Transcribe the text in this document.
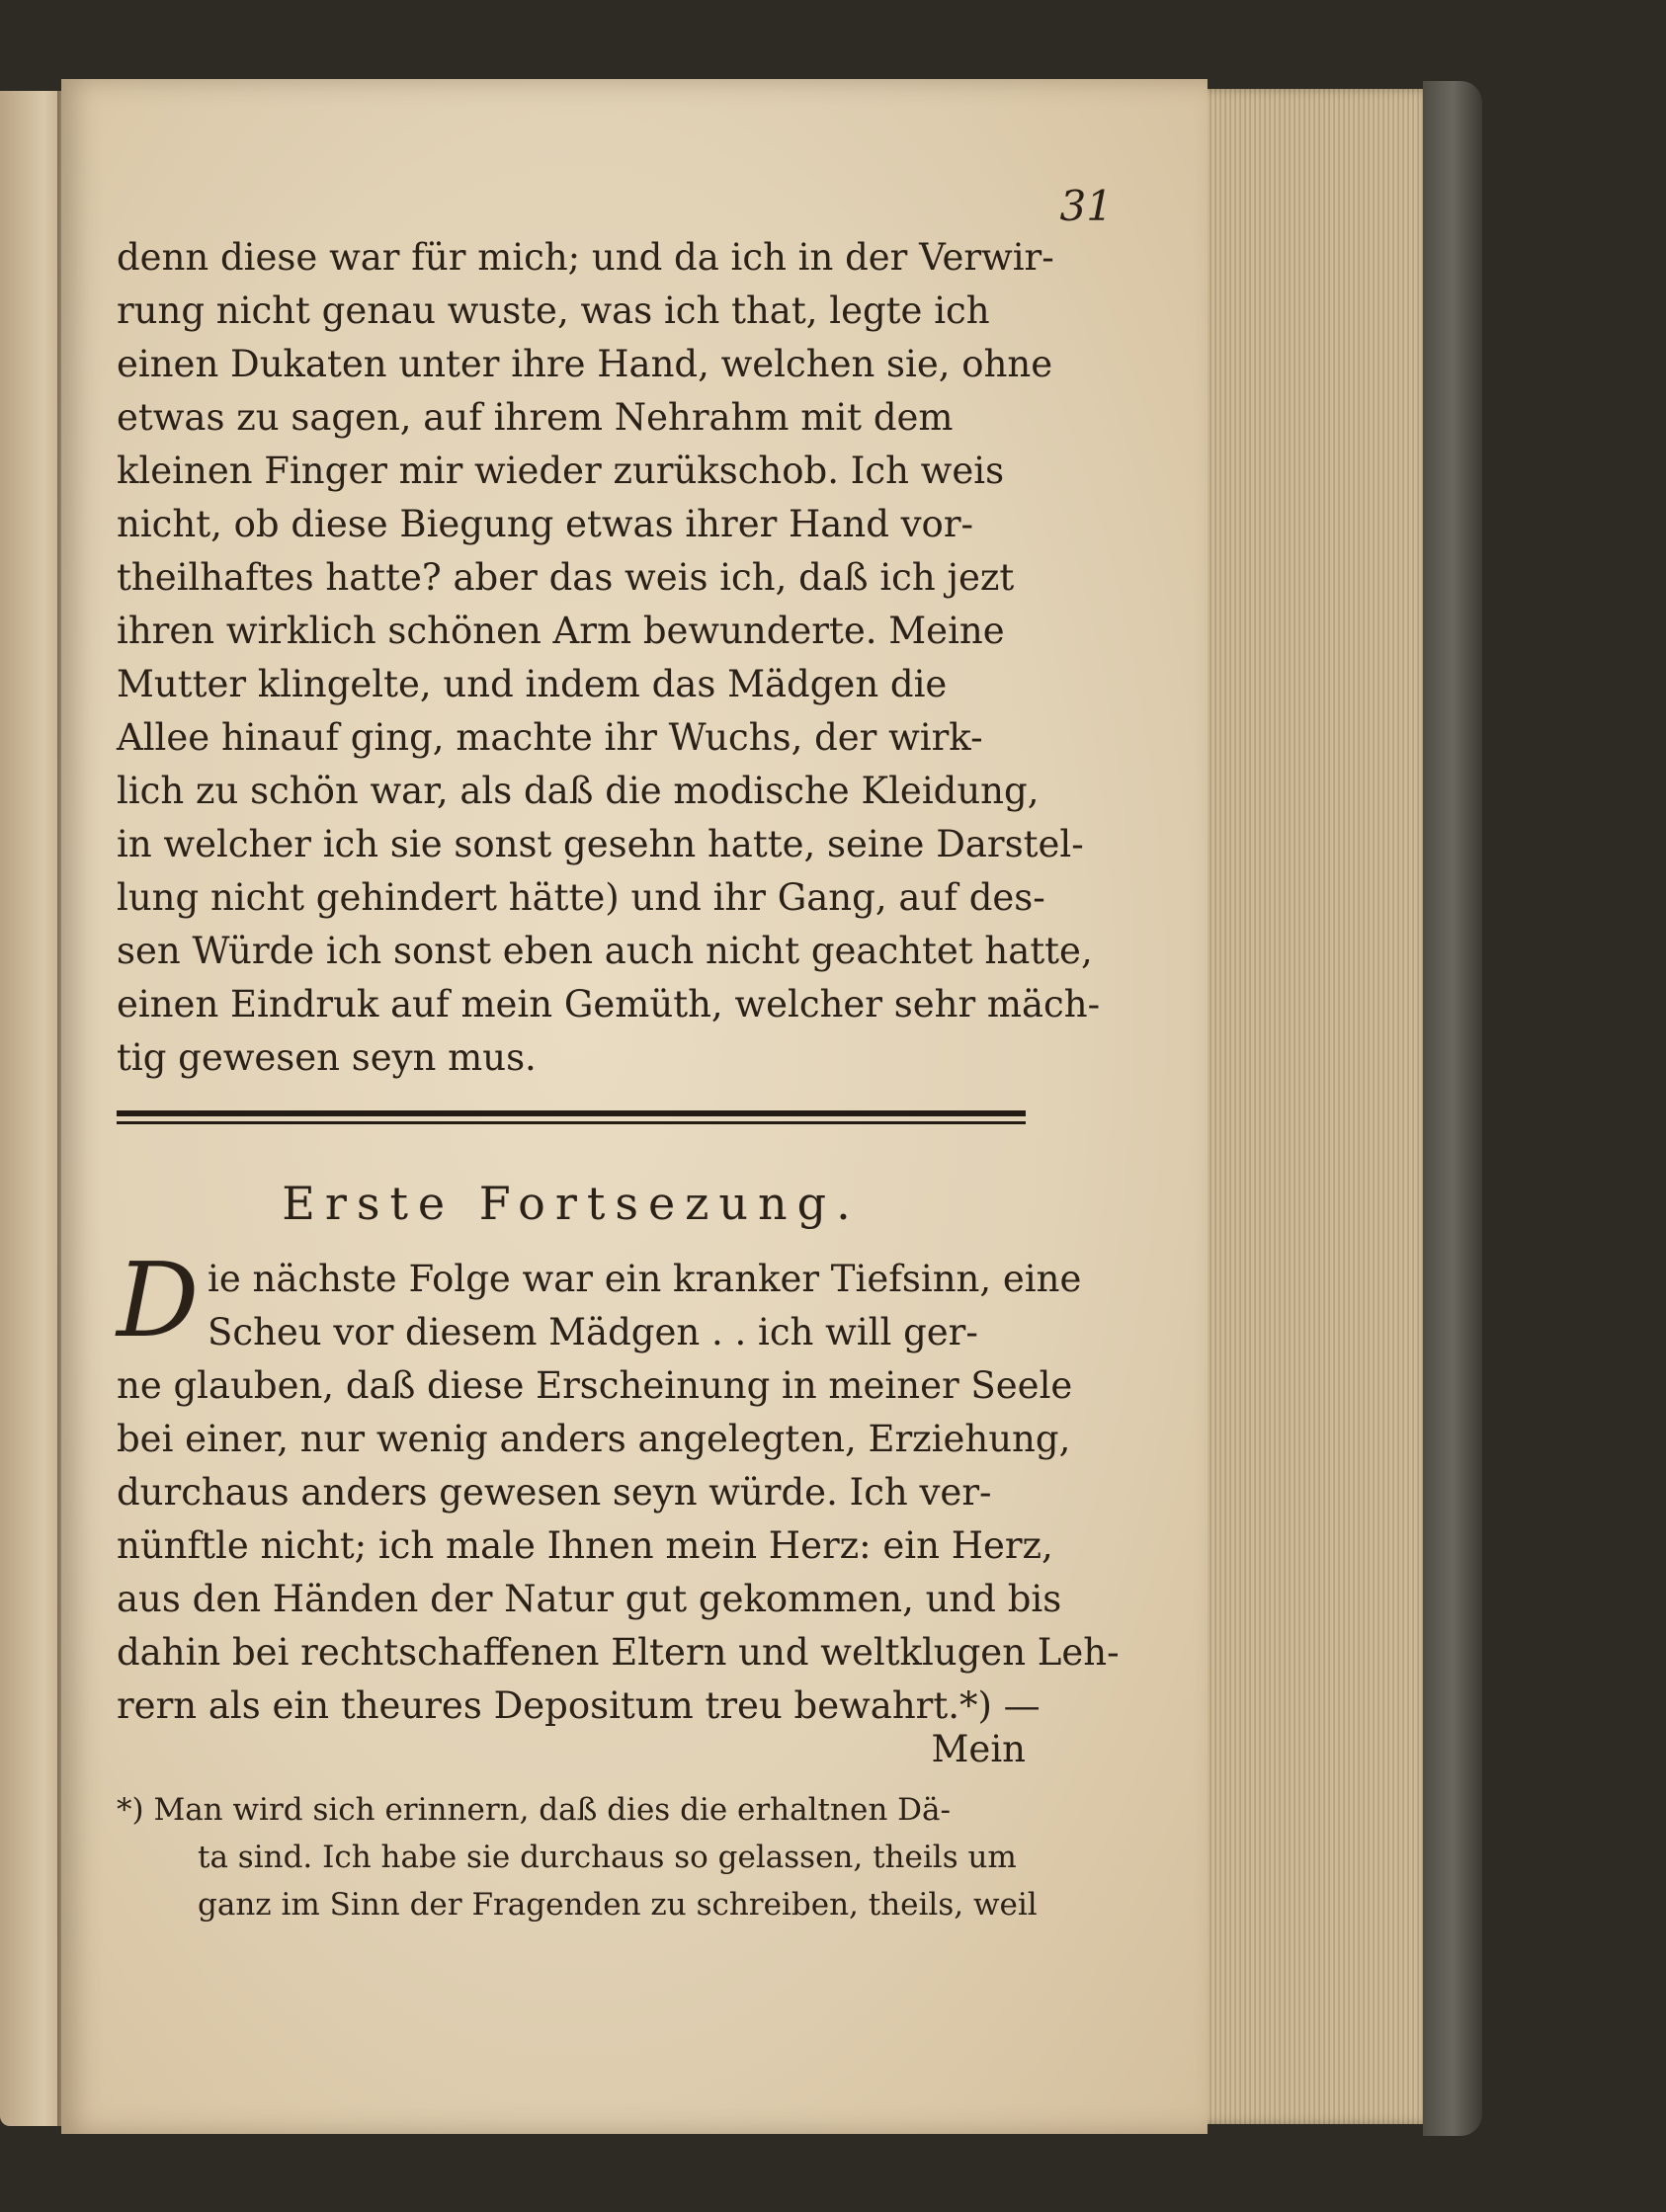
31
denn diese war für mich; und da ich in der Verwir-
rung nicht genau wuste, was ich that, legte ich
einen Dukaten unter ihre Hand, welchen sie, ohne
etwas zu sagen, auf ihrem Nehrahm mit dem
kleinen Finger mir wieder zurükschob. Ich weis
nicht, ob diese Biegung etwas ihrer Hand vor-
theilhaftes hatte? aber das weis ich, daß ich jezt
ihren wirklich schönen Arm bewunderte. Meine
Mutter klingelte, und indem das Mädgen die
Allee hinauf ging, machte ihr Wuchs, der wirk-
lich zu schön war, als daß die modische Kleidung,
in welcher ich sie sonst gesehn hatte, seine Darstel-
lung nicht gehindert hätte) und ihr Gang, auf des-
sen Würde ich sonst eben auch nicht geachtet hatte,
einen Eindruk auf mein Gemüth, welcher sehr mäch-
tig gewesen seyn mus.
Erste Fortsezung.
D ie nächste Folge war ein kranker Tiefsinn, eine
Scheu vor diesem Mädgen . . ich will ger-
ne glauben, daß diese Erscheinung in meiner Seele
bei einer, nur wenig anders angelegten, Erziehung,
durchaus anders gewesen seyn würde. Ich ver-
nünftle nicht; ich male Ihnen mein Herz: ein Herz,
aus den Händen der Natur gut gekommen, und bis
dahin bei rechtschaffenen Eltern und weltklugen Leh-
rern als ein theures Depositum treu bewahrt.*) —
Mein
*) Man wird sich erinnern, daß dies die erhaltnen Dä-
ta sind. Ich habe sie durchaus so gelassen, theils um
ganz im Sinn der Fragenden zu schreiben, theils, weil
